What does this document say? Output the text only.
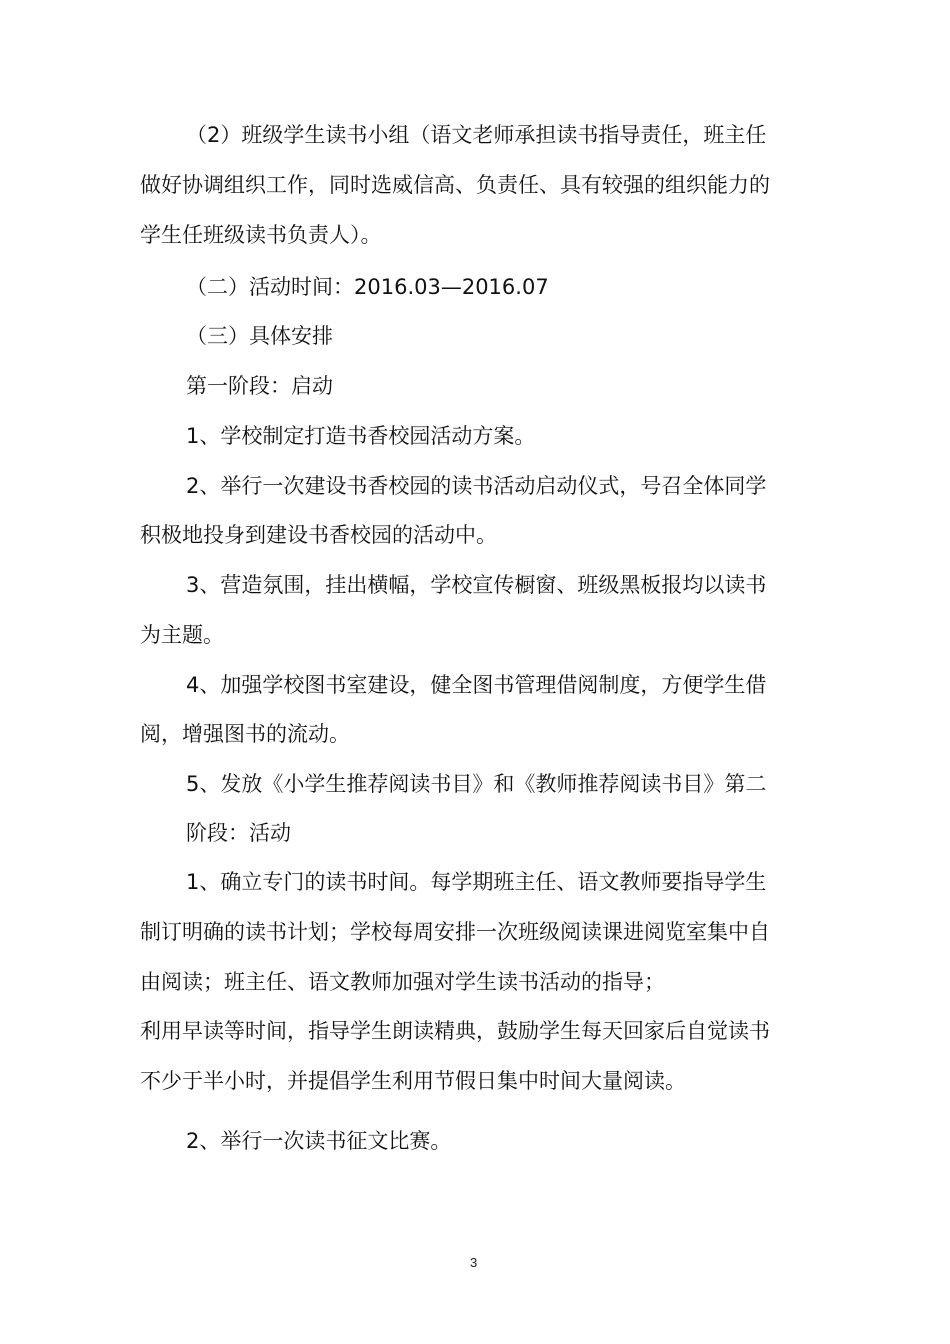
（2）班级学生读书小组（语文老师承担读书指导责任，班主任
做好协调组织工作，同时选威信高、负责任、具有较强的组织能力的
学生任班级读书负责人）。
（二）活动时间：2016.03—2016.07
（三）具体安排
第一阶段：启动
1、学校制定打造书香校园活动方案。
2、举行一次建设书香校园的读书活动启动仪式，号召全体同学
积极地投身到建设书香校园的活动中。
3、营造氛围，挂出横幅，学校宣传橱窗、班级黑板报均以读书
为主题。
4、加强学校图书室建设，健全图书管理借阅制度，方便学生借
阅，增强图书的流动。
5、发放《小学生推荐阅读书目》和《教师推荐阅读书目》第二
阶段：活动
1、确立专门的读书时间。每学期班主任、语文教师要指导学生
制订明确的读书计划；学校每周安排一次班级阅读课进阅览室集中自
由阅读；班主任、语文教师加强对学生读书活动的指导；
利用早读等时间，指导学生朗读精典，鼓励学生每天回家后自觉读书
不少于半小时，并提倡学生利用节假日集中时间大量阅读。
2、举行一次读书征文比赛。
3
